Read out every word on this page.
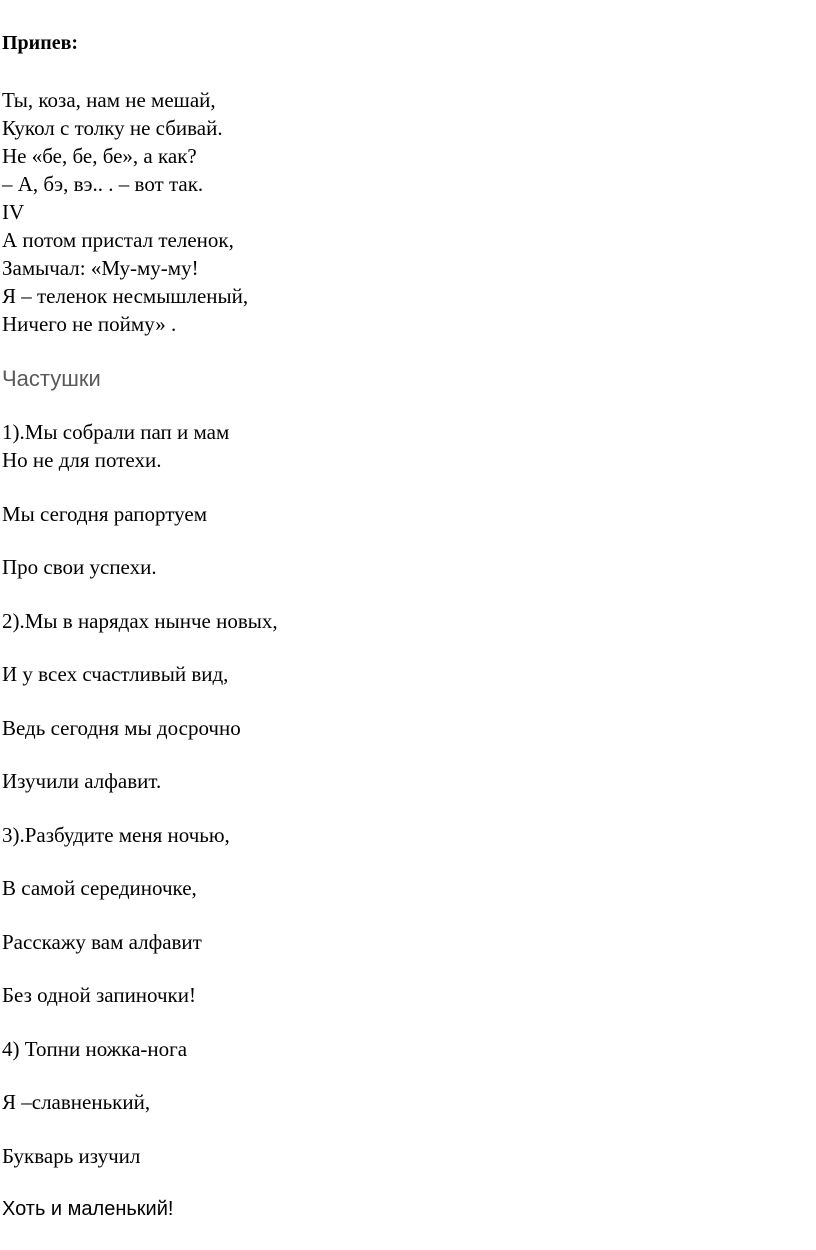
Припев:

Ты, коза, нам не мешай,

Кукол с толку не сбивай.

Не «бе, бе, бе», а как?

– А, бэ, вэ.. . – вот так.

IV

А потом пристал теленок,

Замычал: «Му-му-му!

Я – теленок несмышленый,

Ничего не пойму» .

Частушки

1).Мы собрали пап и мам

Но не для потехи.

Мы сегодня рапортуем

Про свои успехи.

2).Мы в нарядах нынче новых,

И у всех счастливый вид,

Ведь сегодня мы досрочно

Изучили алфавит.

3).Разбудите меня ночью,

В самой серединочке,

Расскажу вам алфавит

Без одной запиночки!

4) Топни ножка-нога

Я –славненький,

Букварь изучил

Хоть и маленький!
